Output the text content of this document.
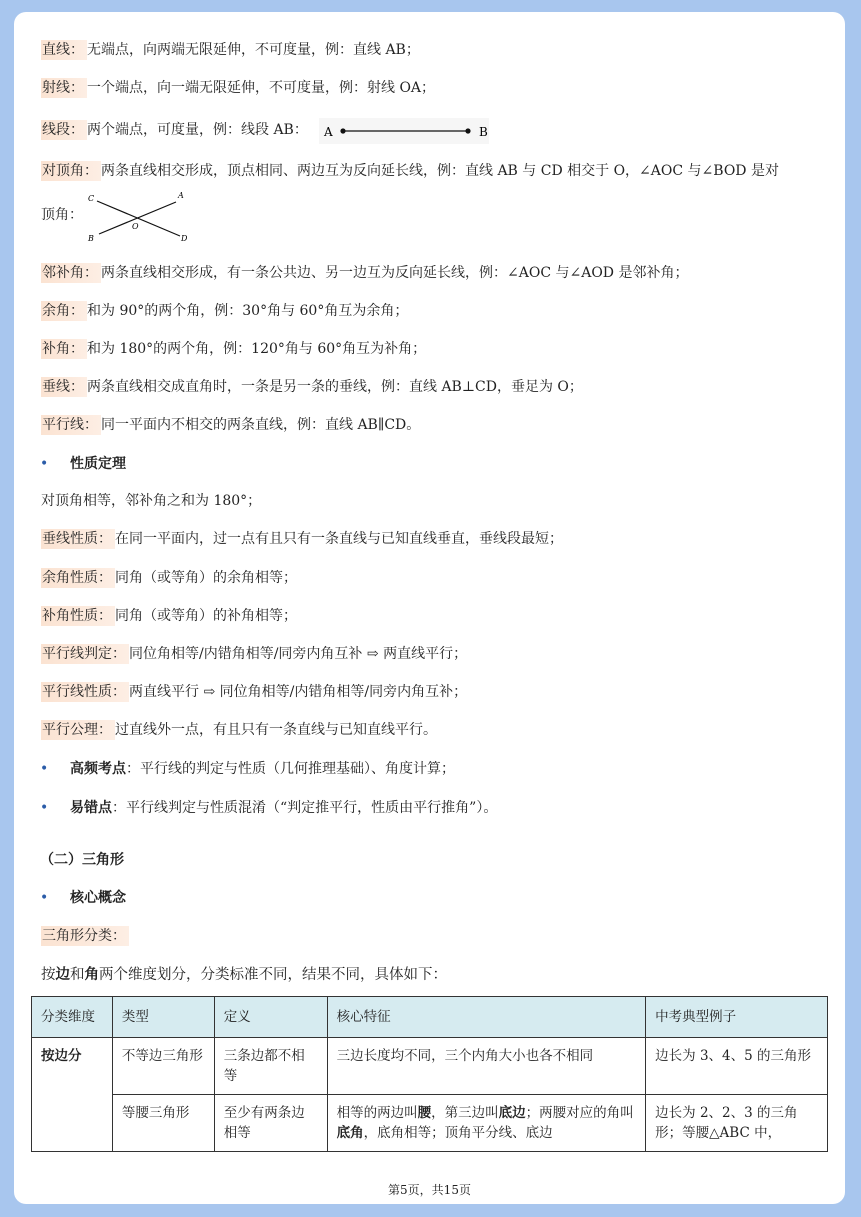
直线： 无端点，向两端无限延伸，不可度量，例：直线 AB；
射线： 一个端点，向一端无限延伸，不可度量，例：射线 OA；
线段： 两个端点，可度量，例：线段 AB： A	B
对顶角： 两条直线相交形成，顶点相同、两边互为反向延长线，例：直线 AB 与 CD 相交于 O，∠AOC 与∠BOD 是对
顶角：
C	A
O
B	D
邻补角： 两条直线相交形成，有一条公共边、另一边互为反向延长线，例：∠AOC 与∠AOD 是邻补角；
余角： 和为 90°的两个角，例：30°角与 60°角互为余角；
补角： 和为 180°的两个角，例：120°角与 60°角互为补角；
垂线： 两条直线相交成直角时，一条是另一条的垂线，例：直线 AB⊥CD，垂足为 O；
平行线： 同一平面内不相交的两条直线，例：直线 AB∥CD。
• 性质定理
对顶角相等，邻补角之和为 180°；
垂线性质： 在同一平面内，过一点有且只有一条直线与已知直线垂直，垂线段最短；
余角性质： 同角（或等角）的余角相等；
补角性质： 同角（或等角）的补角相等；
平行线判定： 同位角相等/内错角相等/同旁内角互补 ⇨ 两直线平行；
平行线性质： 两直线平行 ⇨ 同位角相等/内错角相等/同旁内角互补；
平行公理： 过直线外一点，有且只有一条直线与已知直线平行。
• 高频考点：平行线的判定与性质（几何推理基础）、角度计算；
• 易错点：平行线判定与性质混淆（“判定推平行，性质由平行推角”）。
（二）三角形
• 核心概念
三角形分类：
按边和角两个维度划分，分类标准不同，结果不同，具体如下：
分类维度	类型	定义	核心特征	中考典型例子
按边分	不等边三角形	三条边都不相等	三边长度均不同，三个内角大小也各不相同	边长为 3、4、5 的三角形
	等腰三角形	至少有两条边相等	相等的两边叫腰，第三边叫底边；两腰对应的角叫底角，底角相等；顶角平分线、底边	边长为 2、2、3 的三角形；等腰△ABC 中，
第5页，共15页
